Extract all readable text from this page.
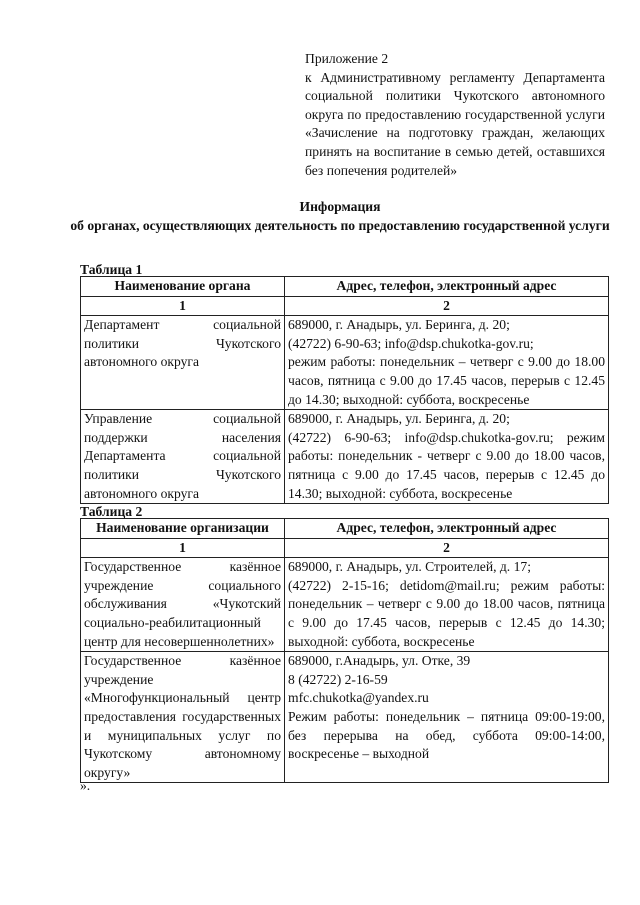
Приложение 2
к Административному регламенту Департамента социальной политики Чукотского автономного округа по предоставлению государственной услуги «Зачисление на подготовку граждан, желающих принять на воспитание в семью детей, оставшихся без попечения родителей»
Информация
об органах, осуществляющих деятельность по предоставлению государственной услуги
Таблица 1
Наименование органа	Адрес, телефон, электронный адрес
1	2
Департамент социальной политики Чукотского автономного округа	689000, г. Анадырь, ул. Беринга, д. 20;
(42722) 6-90-63; info@dsp.chukotka-gov.ru;
режим работы: понедельник – четверг с 9.00 до 18.00 часов, пятница с 9.00 до 17.45 часов, перерыв с 12.45 до 14.30; выходной: суббота, воскресенье

Управление социальной поддержки населения Департамента социальной политики Чукотского автономного округа	689000, г. Анадырь, ул. Беринга, д. 20;
(42722) 6-90-63; info@dsp.chukotka-gov.ru; режим работы: понедельник - четверг с 9.00 до 18.00 часов, пятница с 9.00 до 17.45 часов, перерыв с 12.45 до 14.30; выходной: суббота, воскресенье
Таблица 2
Наименование организации	Адрес, телефон, электронный адрес
1	2
Государственное казённое учреждение социального обслуживания «Чукотский социально-реабилитационный центр для несовершеннолетних»	689000, г. Анадырь, ул. Строителей, д. 17;
(42722) 2-15-16; detidom@mail.ru; режим работы: понедельник – четверг с 9.00 до 18.00 часов, пятница с 9.00 до 17.45 часов, перерыв с 12.45 до 14.30; выходной: суббота, воскресенье

Государственное казённое учреждение «Многофункциональный центр предоставления государственных и муниципальных услуг по Чукотскому автономному округу»	689000, г.Анадырь, ул. Отке, 39
8 (42722) 2-16-59
mfc.chukotka@yandex.ru
Режим работы: понедельник – пятница 09:00-19:00, без перерыва на обед, суббота 09:00-14:00, воскресенье – выходной
».
